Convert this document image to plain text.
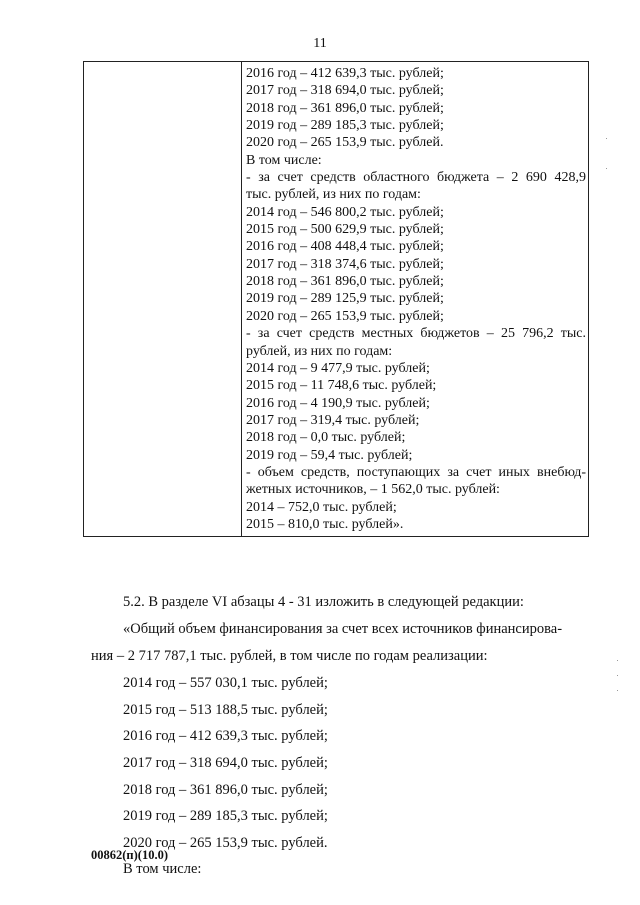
11
2016 год – 412 639,3 тыс. рублей;
2017 год – 318 694,0 тыс. рублей;
2018 год – 361 896,0 тыс. рублей;
2019 год – 289 185,3 тыс. рублей;
2020 год – 265 153,9 тыс. рублей.
В том числе:
- за счет средств областного бюджета – 2 690 428,9
тыс. рублей, из них по годам:
2014 год – 546 800,2 тыс. рублей;
2015 год – 500 629,9 тыс. рублей;
2016 год – 408 448,4 тыс. рублей;
2017 год – 318 374,6 тыс. рублей;
2018 год – 361 896,0 тыс. рублей;
2019 год – 289 125,9 тыс. рублей;
2020 год – 265 153,9 тыс. рублей;
- за счет средств местных бюджетов – 25 796,2 тыс.
рублей, из них по годам:
2014 год – 9 477,9 тыс. рублей;
2015 год – 11 748,6 тыс. рублей;
2016 год – 4 190,9 тыс. рублей;
2017 год – 319,4 тыс. рублей;
2018 год – 0,0 тыс. рублей;
2019 год – 59,4 тыс. рублей;
- объем средств, поступающих за счет иных внебюд-
жетных источников, – 1 562,0 тыс. рублей:
2014 – 752,0 тыс. рублей;
2015 – 810,0 тыс. рублей».
5.2. В разделе VI абзацы 4 - 31 изложить в следующей редакции:
«Общий объем финансирования за счет всех источников финансирова-
ния – 2 717 787,1 тыс. рублей, в том числе по годам реализации:
2014 год – 557 030,1 тыс. рублей;
2015 год – 513 188,5 тыс. рублей;
2016 год – 412 639,3 тыс. рублей;
2017 год – 318 694,0 тыс. рублей;
2018 год – 361 896,0 тыс. рублей;
2019 год – 289 185,3 тыс. рублей;
2020 год – 265 153,9 тыс. рублей.
В том числе:
00862(п)(10.0)
